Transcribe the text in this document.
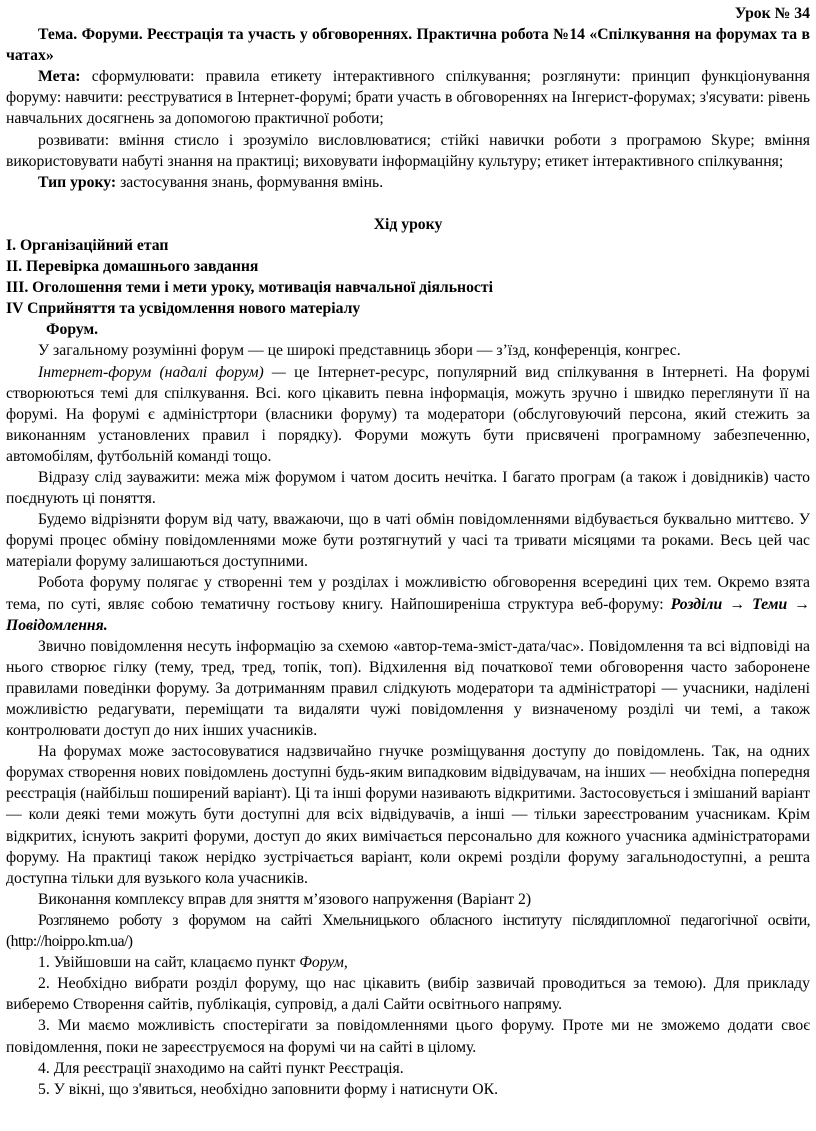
Урок № 34

Тема. Форуми. Реєстрація та участь у обговореннях. Практична робота №14 «Спілкування на форумах та в чатах»

Мета: сформулювати: правила етикету інтерактивного спілкування; розглянути: принцип функціонування форуму: навчити: реєструватися в Інтернет-форумі; брати участь в обговореннях на Інгерист-форумах; з'ясувати: рівень навчальних досягнень за допомогою практичної роботи;

розвивати: вміння стисло і зрозуміло висловлюватися; стійкі навички роботи з програмою Skype; вміння використовувати набуті знання на практиці; виховувати інформаційну культуру; етикет інтерактивного спілкування;

Тип уроку: застосування знань, формування вмінь.

Хід уроку

І. Організаційний етап

ІІ. Перевірка домашнього завдання

ІІІ. Оголошення теми і мети уроку, мотивація навчальної діяльності

IV Сприйняття та усвідомлення нового матеріалу

Форум.

У загальному розумінні форум — це широкі представниць збори — з’їзд, конференція, конгрес.

Інтернет-форум (надалі форум) — це Інтернет-ресурс, популярний вид спілкування в Інтернеті. На форумі створюються темі для спілкування. Всі. кого цікавить певна інформація, можуть зручно і швидко переглянути її на форумі. На форумі є адміністртори (власники форуму) та модератори (обслуговуючий персона, який стежить за виконанням установлених правил і порядку). Форуми можуть бути присвячені програмному забезпеченню, автомобілям, футбольній команді тощо.

Відразу слід зауважити: межа між форумом і чатом досить нечітка. І багато програм (а також і довідників) часто поєднують ці поняття.

Будемо відрізняти форум від чату, вважаючи, що в чаті обмін повідомленнями відбувається буквально миттєво. У форумі процес обміну повідомленнями може бути розтягнутий у часі та тривати місяцями та роками. Весь цей час матеріали форуму залишаються доступними.

Робота форуму полягає у створенні тем у розділах і можливістю обговорення всередині цих тем. Окремо взята тема, по суті, являє собою тематичну гостьову книгу. Найпоширеніша структура веб-форуму: Розділи → Теми → Повідомлення.

Звично повідомлення несуть інформацію за схемою «автор-тема-зміст-дата/час». Повідомлення та всі відповіді на нього створює гілку (тему, тред, тред, топік, топ). Відхилення від початкової теми обговорення часто заборонене правилами поведінки форуму. За дотриманням правил слідкують модератори та адміністраторі — учасники, наділені можливістю редагувати, переміщати та видаляти чужі повідомлення у визначеному розділі чи темі, а також контролювати доступ до них інших учасників.

На форумах може застосовуватися надзвичайно гнучке розміщування доступу до повідомлень. Так, на одних форумах створення нових повідомлень доступні будь-яким випадковим відвідувачам, на інших — необхідна попередня реєстрація (найбільш поширений варіант). Ці та інші форуми називають відкритими. Застосовується і змішаний варіант — коли деякі теми можуть бути доступні для всіх відвідувачів, а інші — тільки зареєстрованим учасникам. Крім відкритих, існують закриті форуми, доступ до яких вимічається персонально для кожного учасника адміністраторами форуму. На практиці також нерідко зустрічається варіант, коли окремі розділи форуму загальнодоступні, а решта доступна тільки для вузького кола учасників.

Виконання комплексу вправ для зняття м’язового напруження (Варіант 2)

Розглянемо роботу з форумом на сайті Хмельницького обласного інституту післядипломної педагогічної освіти, (http://hoippo.km.ua/)

1. Увійшовши на сайт, клацаємо пункт Форум,

2. Необхідно вибрати розділ форуму, що нас цікавить (вибір зазвичай проводиться за темою). Для прикладу виберемо Створення сайтів, публікація, супровід, а далі Сайти освітнього напряму.

3. Ми маємо можливість спостерігати за повідомленнями цього форуму. Проте ми не зможемо додати своє повідомлення, поки не зареєструємося на форумі чи на сайті в цілому.

4. Для реєстрації знаходимо на сайті пункт Реєстрація.

5. У вікні, що з'явиться, необхідно заповнити форму і натиснути ОК.
